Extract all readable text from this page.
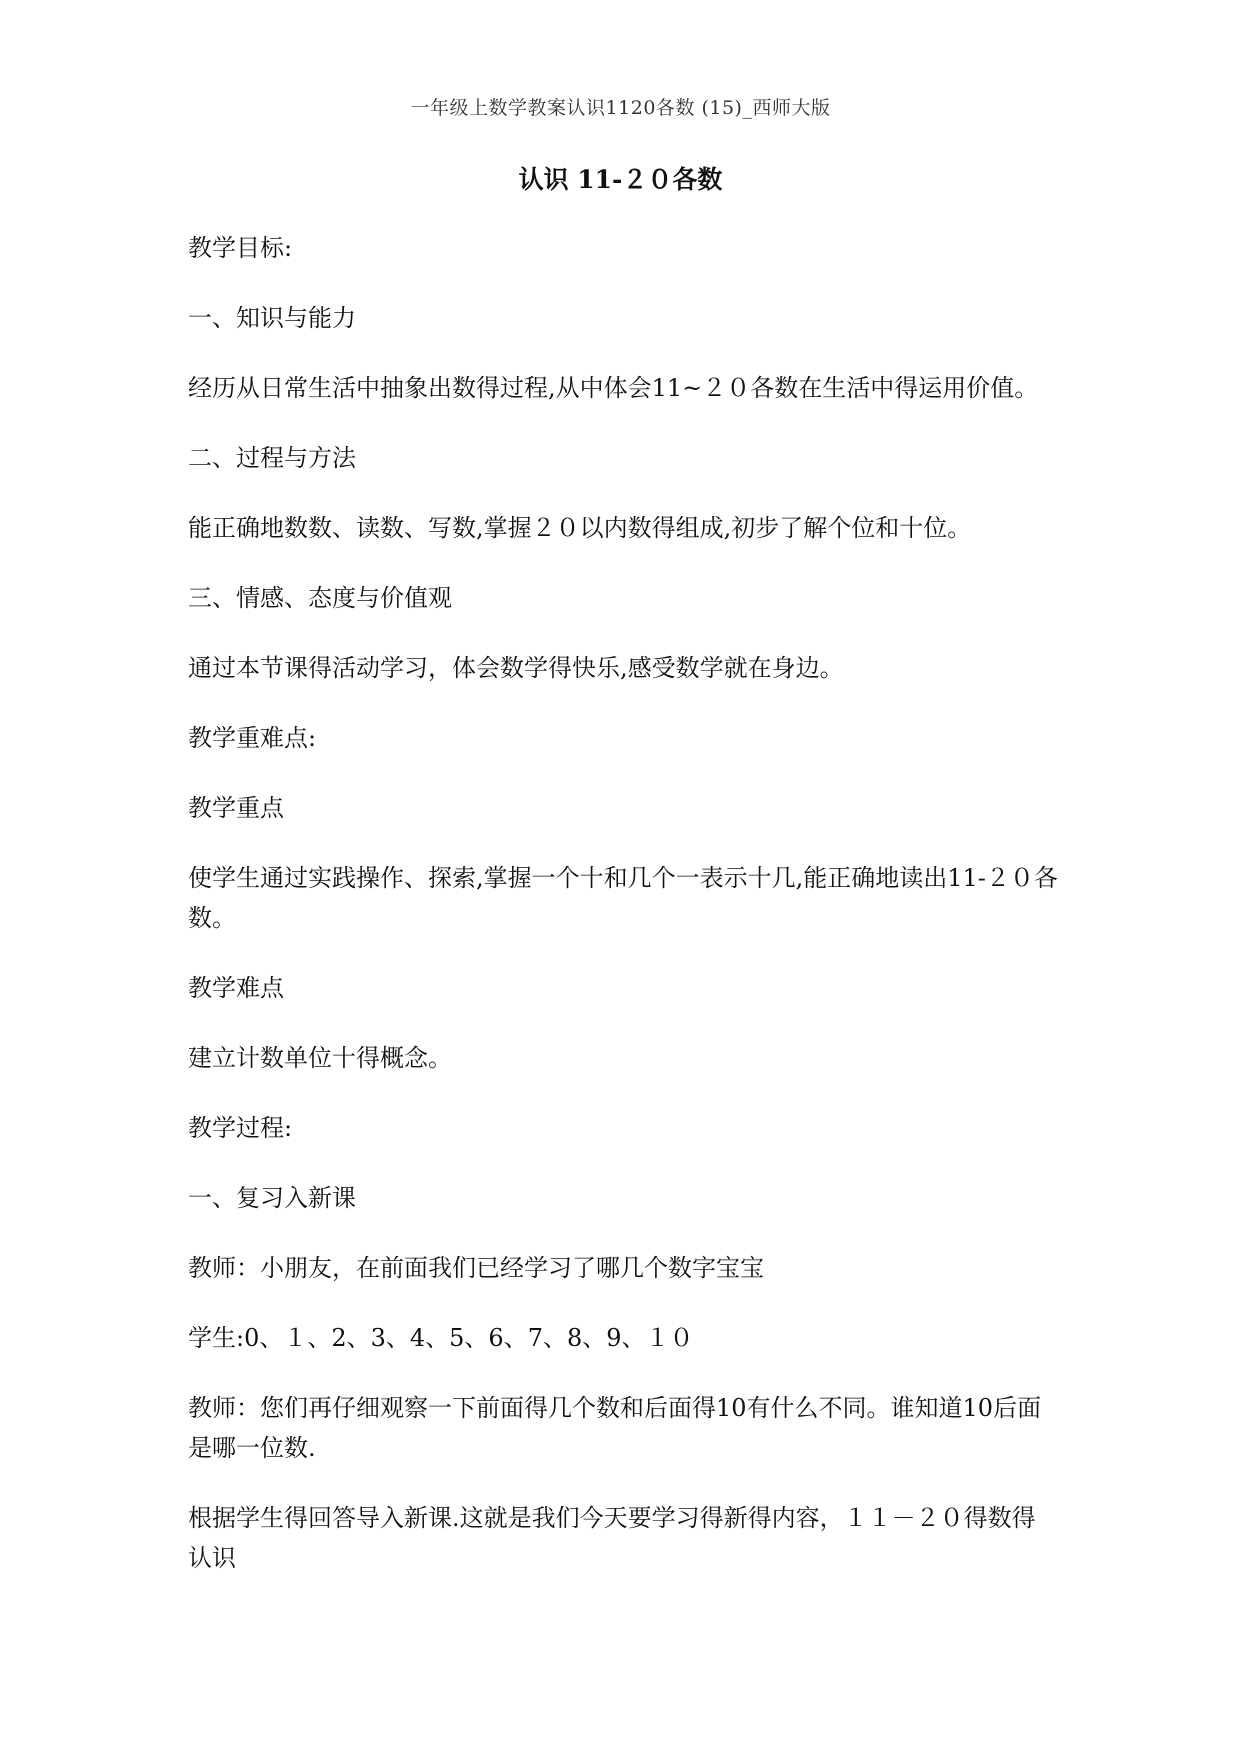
一年级上数学教案认识1120各数 (15)_西师大版
认识 11-２０各数

教学目标:

一、知识与能力

经历从日常生活中抽象出数得过程,从中体会11~２０各数在生活中得运用价值。

二、过程与方法

能正确地数数、读数、写数,掌握２０以内数得组成,初步了解个位和十位。

三、情感、态度与价值观

通过本节课得活动学习，体会数学得快乐,感受数学就在身边。

教学重难点:

教学重点

使学生通过实践操作、探索,掌握一个十和几个一表示十几,能正确地读出11-２０各数。

教学难点

建立计数单位十得概念。

教学过程:

一、复习入新课

教师：小朋友，在前面我们已经学习了哪几个数字宝宝

学生:0、１、2、3、4、5、6、7、8、9、１０

教师：您们再仔细观察一下前面得几个数和后面得10有什么不同。谁知道10后面是哪一位数.

根据学生得回答导入新课.这就是我们今天要学习得新得内容，１１－２０得数得认识
